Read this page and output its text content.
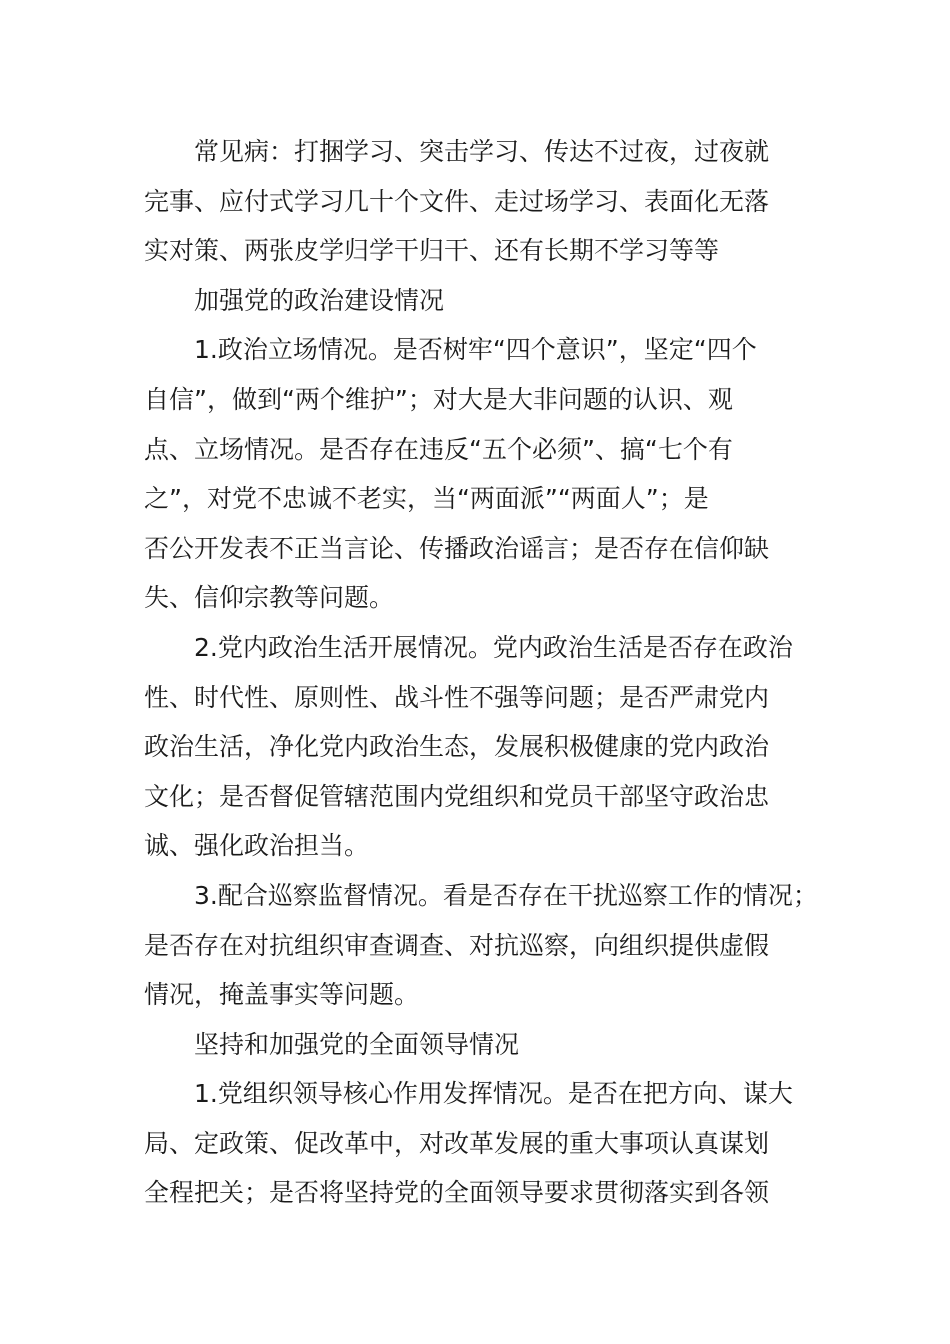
常见病：打捆学习、突击学习、传达不过夜，过夜就
完事、应付式学习几十个文件、走过场学习、表面化无落
实对策、两张皮学归学干归干、还有长期不学习等等

加强党的政治建设情况

1.政治立场情况。是否树牢“四个意识”，坚定“四个
自信”，做到“两个维护”；对大是大非问题的认识、观
点、立场情况。是否存在违反“五个必须”、搞“七个有
之”，对党不忠诚不老实，当“两面派”“两面人”；是
否公开发表不正当言论、传播政治谣言；是否存在信仰缺
失、信仰宗教等问题。

2.党内政治生活开展情况。党内政治生活是否存在政治
性、时代性、原则性、战斗性不强等问题；是否严肃党内
政治生活，净化党内政治生态，发展积极健康的党内政治
文化；是否督促管辖范围内党组织和党员干部坚守政治忠
诚、强化政治担当。

3.配合巡察监督情况。看是否存在干扰巡察工作的情况；
是否存在对抗组织审查调查、对抗巡察，向组织提供虚假
情况，掩盖事实等问题。

坚持和加强党的全面领导情况

1.党组织领导核心作用发挥情况。是否在把方向、谋大
局、定政策、促改革中，对改革发展的重大事项认真谋划
全程把关；是否将坚持党的全面领导要求贯彻落实到各领
